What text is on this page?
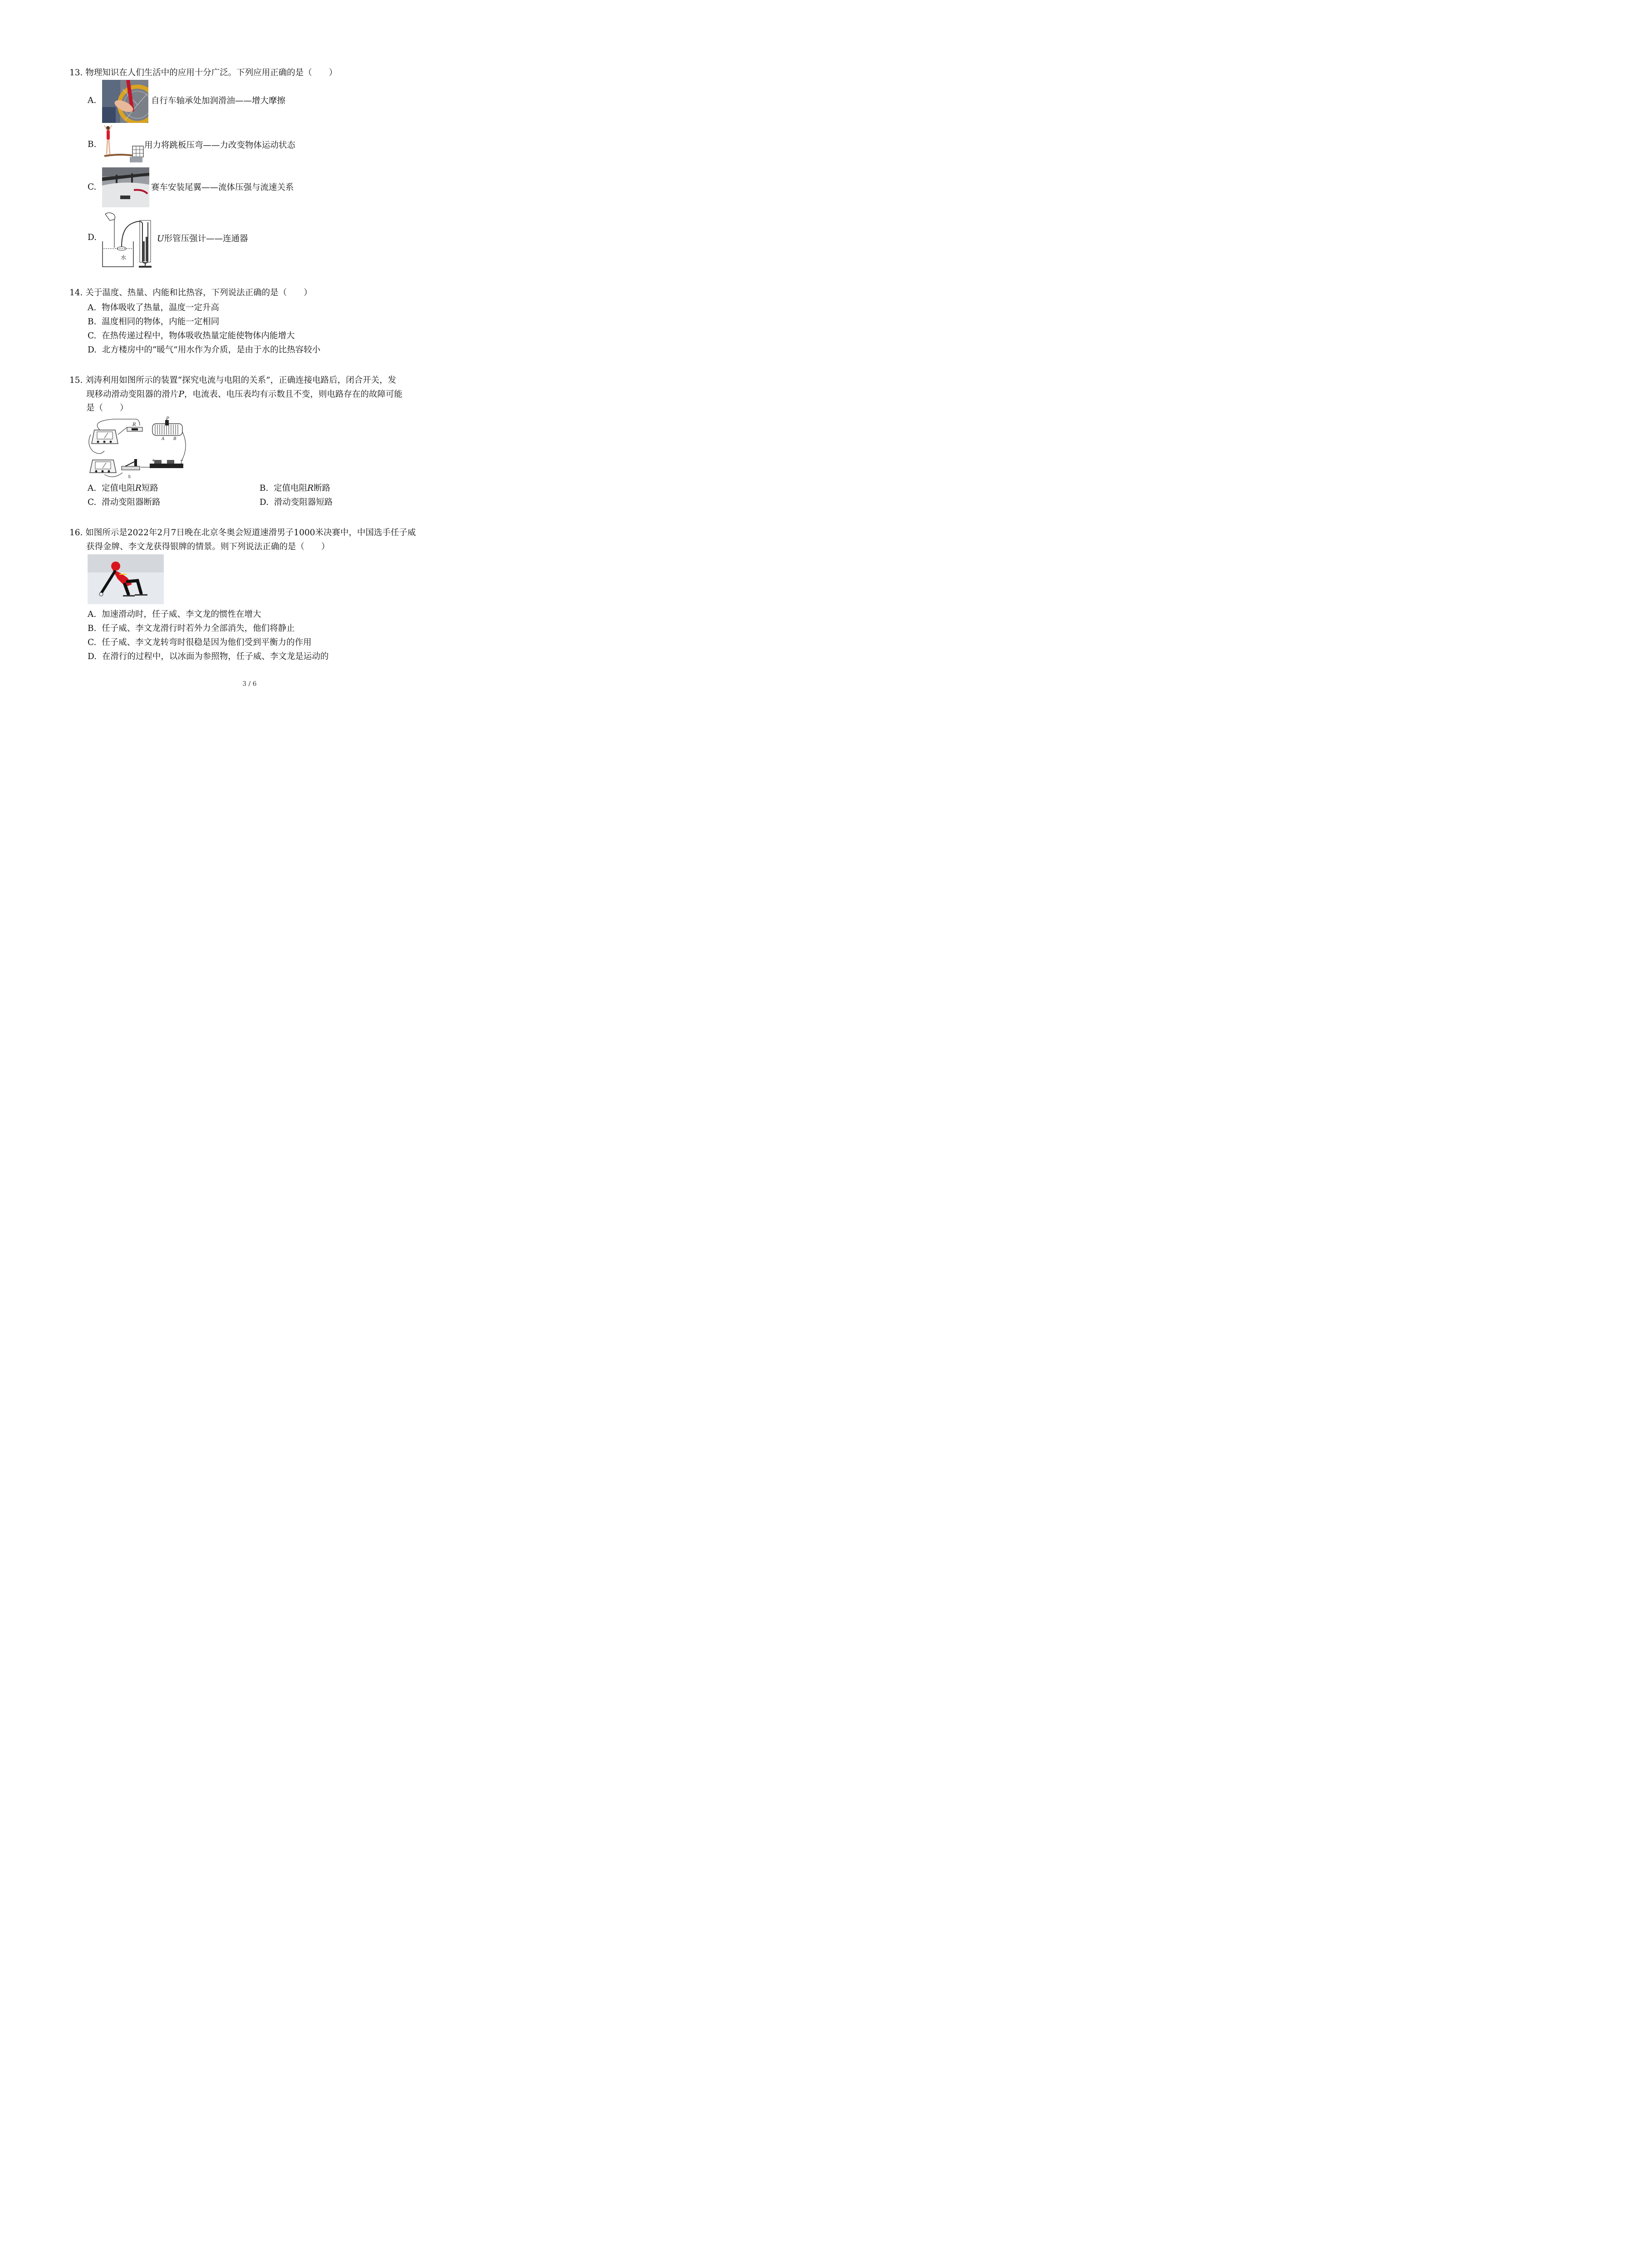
13. 物理知识在人们生活中的应用十分广泛。下列应用正确的是（　　）
A.	自行车轴承处加润滑油——增大摩擦
B.	用力将跳板压弯——力改变物体运动状态
C.	赛车安装尾翼——流体压强与流速关系
D.
水
U形管压强计——连通器
14. 关于温度、热量、内能和比热容，下列说法正确的是（　　）
A. 物体吸收了热量，温度一定升高
B. 温度相同的物体，内能一定相同
C. 在热传递过程中，物体吸收热量定能使物体内能增大
D. 北方楼房中的“暖气”用水作为介质，是由于水的比热容较小
15. 刘涛利用如图所示的装置“探究电流与电阻的关系”，正确连接电路后，闭合开关，发
现移动滑动变阻器的滑片P，电流表、电压表均有示数且不变，则电路存在的故障可能
是（　　）
R
P
A B
S
+	−
A. 定值电阻R短路	B. 定值电阻R断路
C. 滑动变阻器断路	D. 滑动变阻器短路
16. 如图所示是2022年2月7日晚在北京冬奥会短道速滑男子1000米决赛中，中国选手任子威
获得金牌、李文龙获得银牌的情景。则下列说法正确的是（　　）
A. 加速滑动时，任子威、李文龙的惯性在增大
B. 任子威、李文龙滑行时若外力全部消失，他们将静止
C. 任子威、李文龙转弯时很稳是因为他们受到平衡力的作用
D. 在滑行的过程中，以冰面为参照物，任子威、李文龙是运动的
3 / 6
